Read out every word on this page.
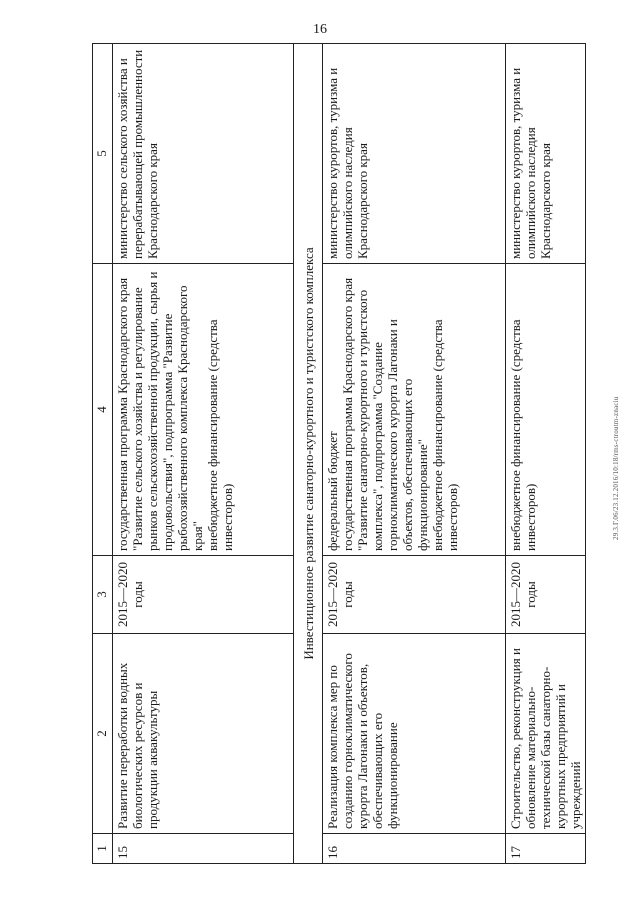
16
29.3.Г.06/23.12.2016/10:18/rms-ctroutm-znaciu
1	2	3	4	5
15	Развитие переработки водных биологических ресурсов и продукции аквакультуры	2015—2020 годы	государственная программа Краснодарского края "Развитие сельского хозяйства и регулирование рынков сельскохозяйственной продукции, сырья и продовольствия", подпрограмма "Развитие рыбохозяйственного комплекса Краснодарского края" внебюджетное финансирование (средства инвесторов)	министерство сельского хозяйства и перерабатывающей промышленности Краснодарского края
Инвестиционное развитие санаторно-курортного и туристского комплекса				
16	Реализация комплекса мер по созданию горноклиматического курорта Лагонаки и объектов, обеспечивающих его функционирование	2015—2020 годы	федеральный бюджет государственная программа Краснодарского края "Развитие санаторно-курортного и туристского комплекса", подпрограмма "Создание горноклиматического курорта Лагонаки и объектов, обеспечивающих его функционирование" внебюджетное финансирование (средства инвесторов)	министерство курортов, туризма и олимпийского наследия Краснодарского края
17	Строительство, реконструкция и обновление материально-технической базы санаторно-курортных предприятий и учреждений	2015—2020 годы	внебюджетное финансирование (средства инвесторов)	министерство курортов, туризма и олимпийского наследия Краснодарского края
